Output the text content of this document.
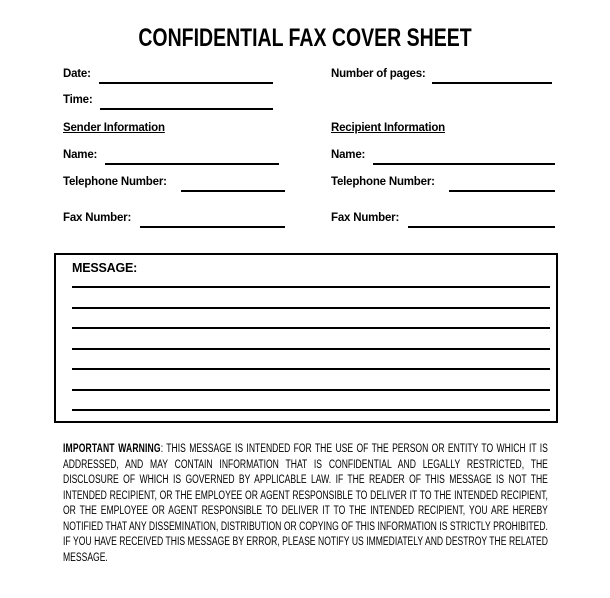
CONFIDENTIAL FAX COVER SHEET
Date:	Number of pages:
Time:
Sender Information	Recipient Information
Name:	Name:
Telephone Number:	Telephone Number:
Fax Number:	Fax Number:
MESSAGE:

IMPORTANT WARNING: THIS MESSAGE IS INTENDED FOR THE USE OF THE PERSON OR ENTITY TO WHICH IT IS ADDRESSED, AND MAY CONTAIN INFORMATION THAT IS CONFIDENTIAL AND LEGALLY RESTRICTED, THE DISCLOSURE OF WHICH IS GOVERNED BY APPLICABLE LAW. IF THE READER OF THIS MESSAGE IS NOT THE INTENDED RECIPIENT, OR THE EMPLOYEE OR AGENT RESPONSIBLE TO DELIVER IT TO THE INTENDED RECIPIENT, OR THE EMPLOYEE OR AGENT RESPONSIBLE TO DELIVER IT TO THE INTENDED RECIPIENT, YOU ARE HEREBY NOTIFIED THAT ANY DISSEMINATION, DISTRIBUTION OR COPYING OF THIS INFORMATION IS STRICTLY PROHIBITED. IF YOU HAVE RECEIVED THIS MESSAGE BY ERROR, PLEASE NOTIFY US IMMEDIATELY AND DESTROY THE RELATED MESSAGE.
